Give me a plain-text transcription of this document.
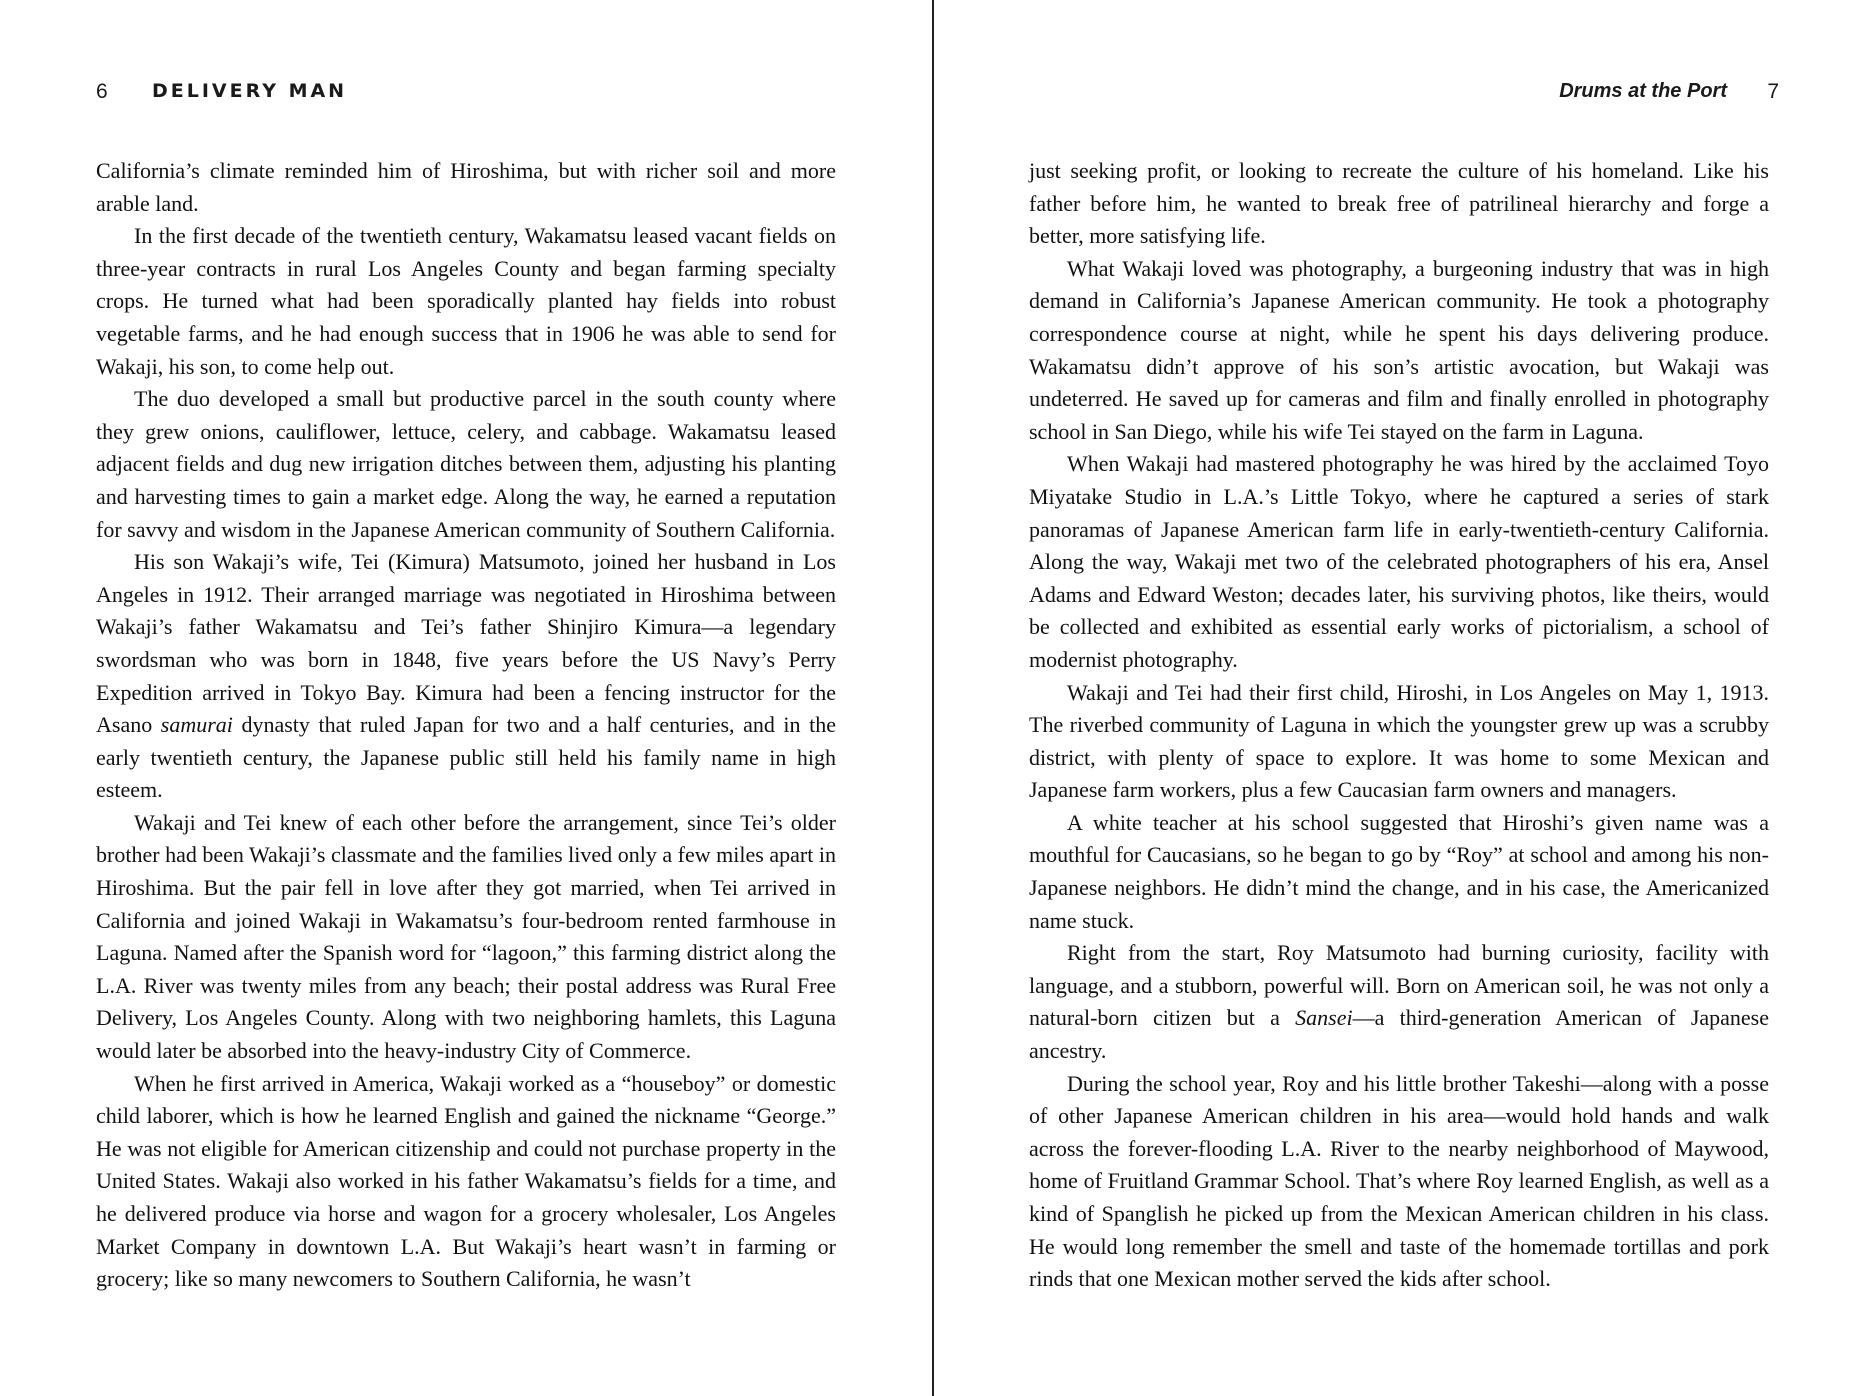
6 DELIVERY MAN

California’s climate reminded him of Hiroshima, but with richer soil and more arable land.

In the first decade of the twentieth century, Wakamatsu leased vacant fields on three-year contracts in rural Los Angeles County and began farming specialty crops. He turned what had been sporadically planted hay fields into robust vegetable farms, and he had enough success that in 1906 he was able to send for Wakaji, his son, to come help out.

The duo developed a small but productive parcel in the south county where they grew onions, cauliflower, lettuce, celery, and cabbage. Wakamatsu leased adjacent fields and dug new irrigation ditches between them, adjusting his planting and harvesting times to gain a market edge. Along the way, he earned a reputation for savvy and wisdom in the Japanese American community of Southern California.

His son Wakaji’s wife, Tei (Kimura) Matsumoto, joined her husband in Los Angeles in 1912. Their arranged marriage was negotiated in Hiroshima between Wakaji’s father Wakamatsu and Tei’s father Shinjiro Kimura—a legendary swordsman who was born in 1848, five years before the US Navy’s Perry Expedition arrived in Tokyo Bay. Kimura had been a fencing instructor for the Asano samurai dynasty that ruled Japan for two and a half centuries, and in the early twentieth century, the Japanese public still held his family name in high esteem.

Wakaji and Tei knew of each other before the arrangement, since Tei’s older brother had been Wakaji’s classmate and the families lived only a few miles apart in Hiroshima. But the pair fell in love after they got married, when Tei arrived in California and joined Wakaji in Wakamatsu’s four-bedroom rented farmhouse in Laguna. Named after the Spanish word for “lagoon,” this farming district along the L.A. River was twenty miles from any beach; their postal address was Rural Free Delivery, Los Angeles County. Along with two neighboring hamlets, this Laguna would later be absorbed into the heavy-industry City of Commerce.

When he first arrived in America, Wakaji worked as a “houseboy” or domestic child laborer, which is how he learned English and gained the nickname “George.” He was not eligible for American citizenship and could not purchase property in the United States. Wakaji also worked in his father Wakamatsu’s fields for a time, and he delivered produce via horse and wagon for a grocery wholesaler, Los Angeles Market Company in downtown L.A. But Wakaji’s heart wasn’t in farming or grocery; like so many newcomers to Southern California, he wasn’t

Drums at the Port 7

just seeking profit, or looking to recreate the culture of his homeland. Like his father before him, he wanted to break free of patrilineal hierarchy and forge a better, more satisfying life.

What Wakaji loved was photography, a burgeoning industry that was in high demand in California’s Japanese American community. He took a photography correspondence course at night, while he spent his days delivering produce. Wakamatsu didn’t approve of his son’s artistic avocation, but Wakaji was undeterred. He saved up for cameras and film and finally enrolled in photography school in San Diego, while his wife Tei stayed on the farm in Laguna.

When Wakaji had mastered photography he was hired by the acclaimed Toyo Miyatake Studio in L.A.’s Little Tokyo, where he captured a series of stark panoramas of Japanese American farm life in early-twentieth-century California. Along the way, Wakaji met two of the celebrated photographers of his era, Ansel Adams and Edward Weston; decades later, his surviving photos, like theirs, would be collected and exhibited as essential early works of pictorialism, a school of modernist photography.

Wakaji and Tei had their first child, Hiroshi, in Los Angeles on May 1, 1913. The riverbed community of Laguna in which the youngster grew up was a scrubby district, with plenty of space to explore. It was home to some Mexican and Japanese farm workers, plus a few Caucasian farm owners and managers.

A white teacher at his school suggested that Hiroshi’s given name was a mouthful for Caucasians, so he began to go by “Roy” at school and among his non-Japanese neighbors. He didn’t mind the change, and in his case, the Americanized name stuck.

Right from the start, Roy Matsumoto had burning curiosity, facility with language, and a stubborn, powerful will. Born on American soil, he was not only a natural-born citizen but a Sansei—a third-generation American of Japanese ancestry.

During the school year, Roy and his little brother Takeshi—along with a posse of other Japanese American children in his area—would hold hands and walk across the forever-flooding L.A. River to the nearby neighborhood of Maywood, home of Fruitland Grammar School. That’s where Roy learned English, as well as a kind of Spanglish he picked up from the Mexican American children in his class. He would long remember the smell and taste of the homemade tortillas and pork rinds that one Mexican mother served the kids after school.
